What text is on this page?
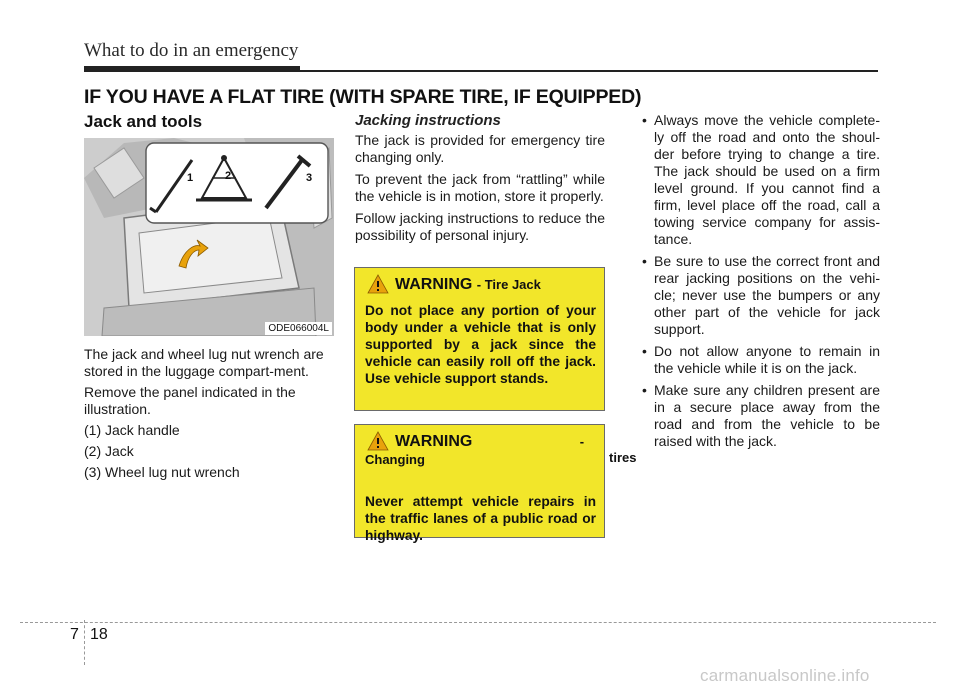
What to do in an emergency
IF YOU HAVE A FLAT TIRE (WITH SPARE TIRE, IF EQUIPPED)
Jack and tools
1	2	3
ODE066004L

The jack and wheel lug nut wrench are stored in the luggage compart-ment.

Remove the panel indicated in the illustration.

(1) Jack handle

(2) Jack

(3) Wheel lug nut wrench

Jacking instructions

The jack is provided for emergency tire changing only.

To prevent the jack from “rattling” while the vehicle is in motion, store it properly.

Follow jacking instructions to reduce the possibility of personal injury.

WARNING - Tire Jack

Do not place any portion of your body under a vehicle that is only supported by a jack since the vehicle can easily roll off the jack. Use vehicle support stands.

WARNING	- Changing	tires

Never attempt vehicle repairs in the traffic lanes of a public road or highway.

• Always move the vehicle complete-ly off the road and onto the shoul-der before trying to change a tire. The jack should be used on a firm level ground. If you cannot find a firm, level place off the road, call a towing service company for assis-tance.
• Be sure to use the correct front and rear jacking positions on the vehi-cle; never use the bumpers or any other part of the vehicle for jack support.
• Do not allow anyone to remain in the vehicle while it is on the jack.
• Make sure any children present are in a secure place away from the road and from the vehicle to be raised with the jack.
7 18
carmanualsonline.info
